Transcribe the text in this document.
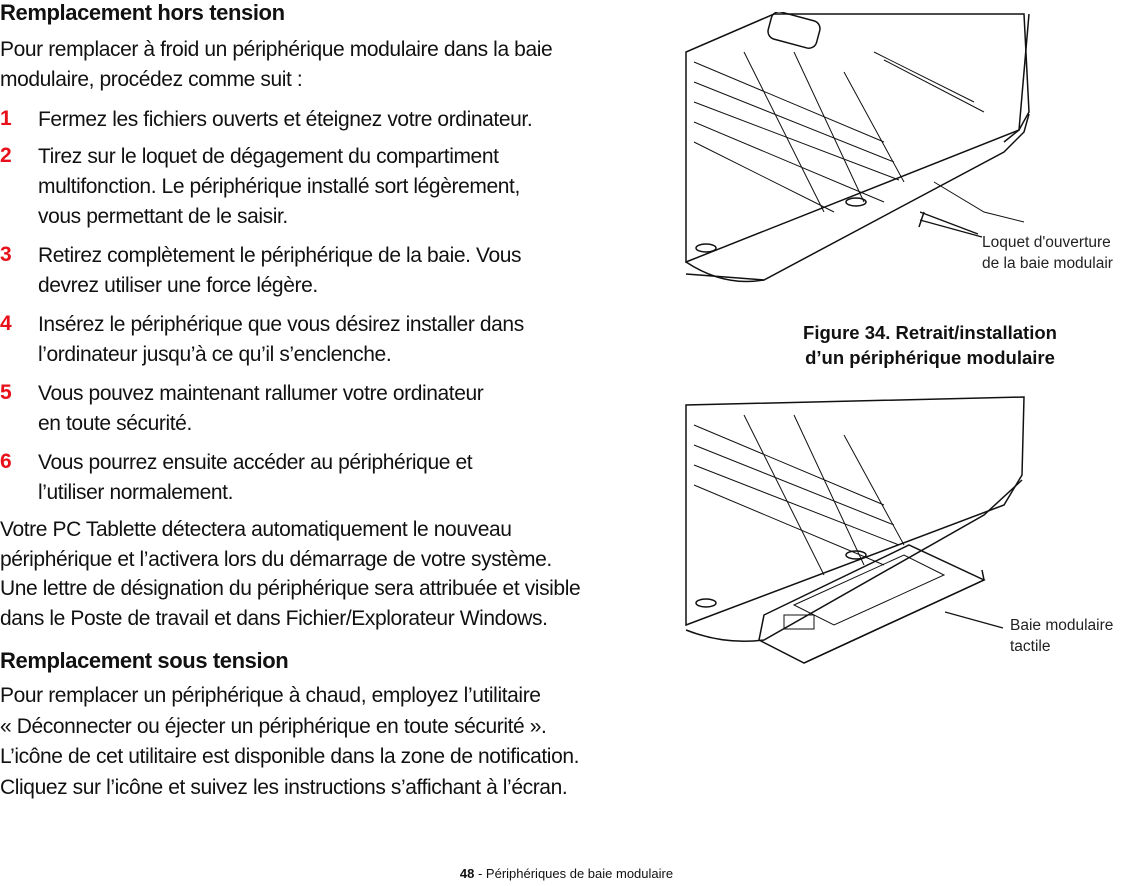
Remplacement hors tension
Pour remplacer à froid un périphérique modulaire dans la baie
modulaire, procédez comme suit :
1 Fermez les fichiers ouverts et éteignez votre ordinateur.
2 Tirez sur le loquet de dégagement du compartiment
multifonction. Le périphérique installé sort légèrement,
vous permettant de le saisir.
3 Retirez complètement le périphérique de la baie. Vous
devrez utiliser une force légère.
4 Insérez le périphérique que vous désirez installer dans
l’ordinateur jusqu’à ce qu’il s’enclenche.
5 Vous pouvez maintenant rallumer votre ordinateur
en toute sécurité.
6 Vous pourrez ensuite accéder au périphérique et
l’utiliser normalement.
Votre PC Tablette détectera automatiquement le nouveau
périphérique et l’activera lors du démarrage de votre système.
Une lettre de désignation du périphérique sera attribuée et visible
dans le Poste de travail et dans Fichier/Explorateur Windows.
Remplacement sous tension
Pour remplacer un périphérique à chaud, employez l’utilitaire
« Déconnecter ou éjecter un périphérique en toute sécurité ».
L’icône de cet utilitaire est disponible dans la zone de notification.
Cliquez sur l’icône et suivez les instructions s’affichant à l’écran.
Loquet d'ouverture
de la baie modulair
Figure 34. Retrait/installation
d’un périphérique modulaire
Baie modulaire
tactile
48 - Périphériques de baie modulaire
